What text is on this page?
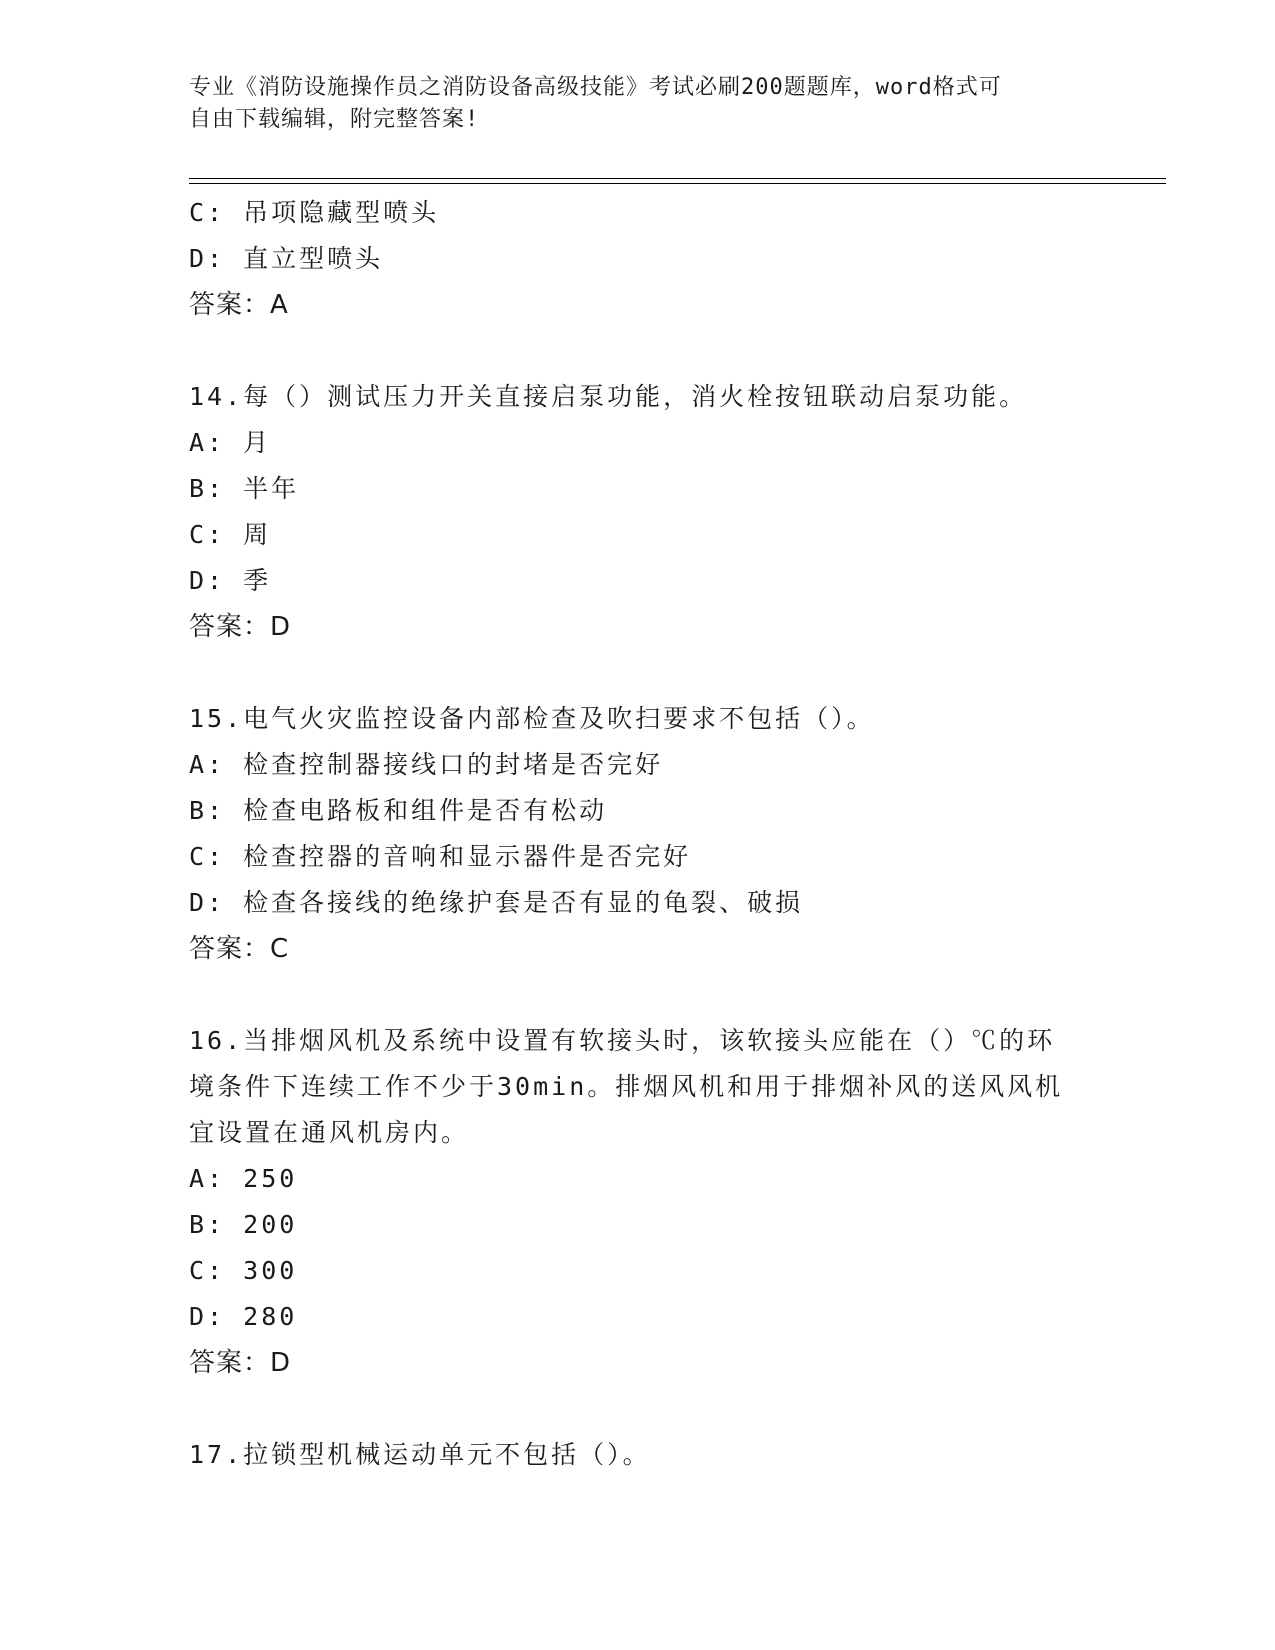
专业《消防设施操作员之消防设备高级技能》考试必刷200题题库，word格式可
自由下载编辑，附完整答案!
C: 吊项隐藏型喷头
D: 直立型喷头
答案：A
14.每（）测试压力开关直接启泵功能，消火栓按钮联动启泵功能。
A: 月
B: 半年
C: 周
D: 季
答案：D
15.电气火灾监控设备内部检查及吹扫要求不包括（）。
A: 检查控制器接线口的封堵是否完好
B: 检查电路板和组件是否有松动
C: 检查控器的音响和显示器件是否完好
D: 检查各接线的绝缘护套是否有显的龟裂、破损
答案：C
16.当排烟风机及系统中设置有软接头时，该软接头应能在（）℃的环
境条件下连续工作不少于30min。排烟风机和用于排烟补风的送风风机
宜设置在通风机房内。
A: 250
B: 200
C: 300
D: 280
答案：D
17.拉锁型机械运动单元不包括（）。
